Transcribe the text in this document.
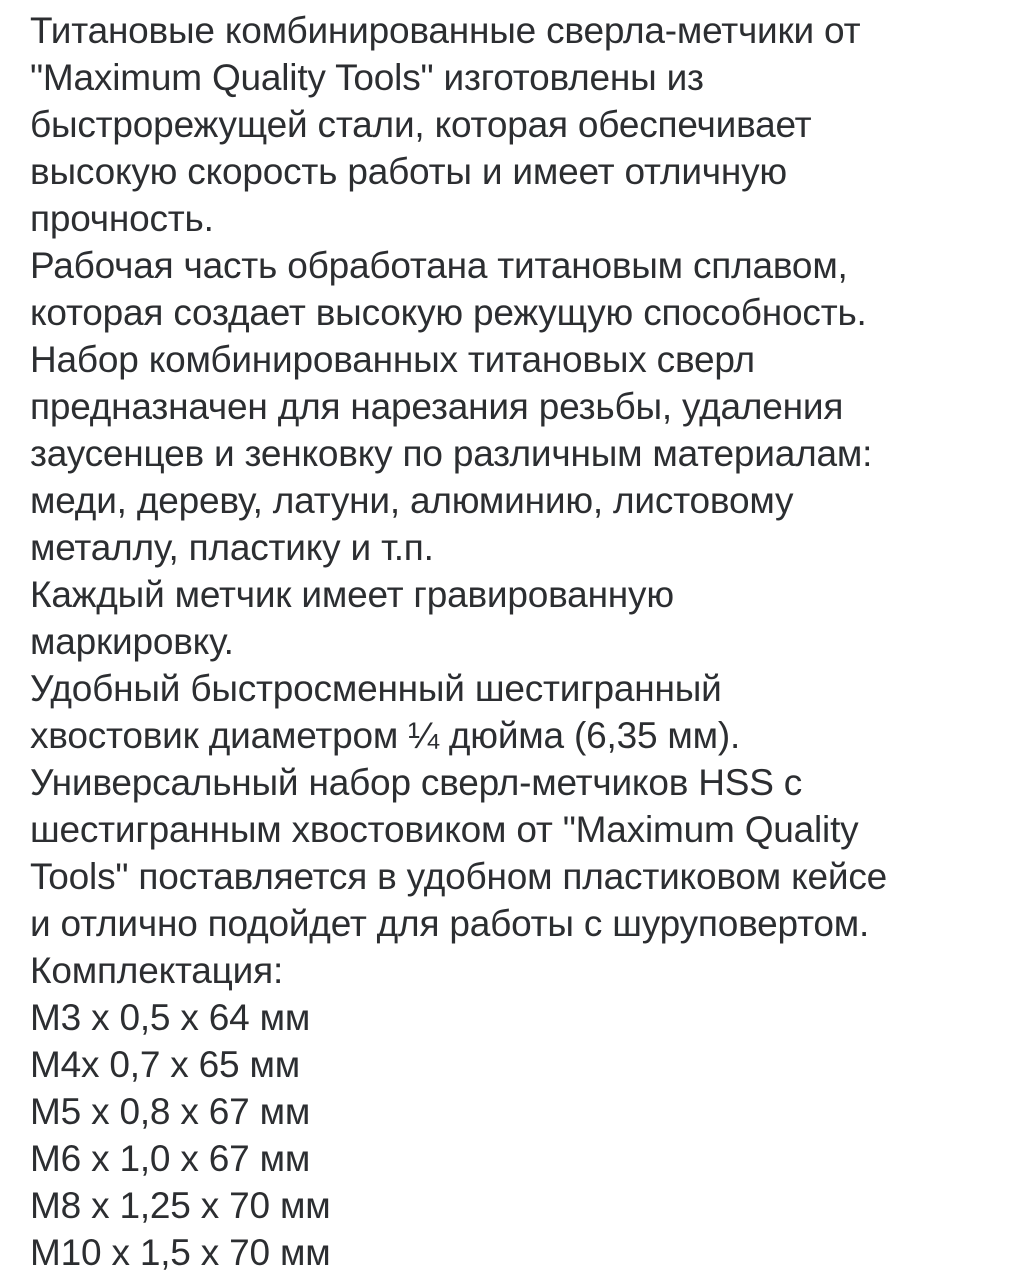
Титановые комбинированные сверла-метчики от
"Maximum Quality Tools" изготовлены из
быстрорежущей стали, которая обеспечивает
высокую скорость работы и имеет отличную
прочность.
Рабочая часть обработана титановым сплавом,
которая создает высокую режущую способность.
Набор комбинированных титановых сверл
предназначен для нарезания резьбы, удаления
заусенцев и зенковку по различным материалам:
меди, дереву, латуни, алюминию, листовому
металлу, пластику и т.п.
Каждый метчик имеет гравированную
маркировку.
Удобный быстросменный шестигранный
хвостовик диаметром ¼ дюйма (6,35 мм).
Универсальный набор сверл-метчиков HSS с
шестигранным хвостовиком от "Maximum Quality
Tools" поставляется в удобном пластиковом кейсе
и отлично подойдет для работы с шуруповертом.
Комплектация:
М3 х 0,5 х 64 мм
М4х 0,7 х 65 мм
М5 х 0,8 х 67 мм
М6 х 1,0 х 67 мм
М8 х 1,25 х 70 мм
М10 х 1,5 х 70 мм
